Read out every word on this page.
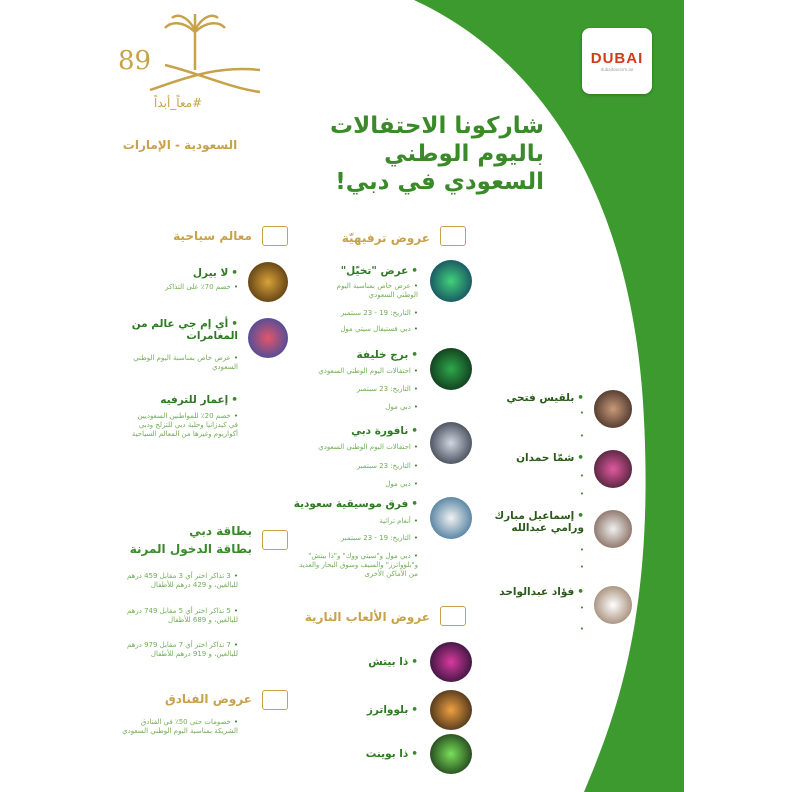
DUBAI
dubaitourism.ae
89
#معاً_أبداً
السعودية - الإمارات
شاركونا الاحتفالات
باليوم الوطني
السعودي في دبي!
معالم سياحية
• لا بيرل
• خصم 70٪ على التذاكر
• أي إم جي عالم من المغامرات
• عرض خاص بمناسبة اليوم الوطني السعودي
• إعمار للترفيه
• خصم 20٪ للمواطنين السعوديين في كيدزانيا وحلبة دبي للتزلج ودبي أكواريوم وغيرها من المعالم السياحية
عروض ترفيهيّة
• عرض "تخيّل"
• عرض خاص بمناسبة اليوم الوطني السعودي
• التاريخ: 19 - 23 سبتمبر
• دبي فستيفال سيتي مول
• برج خليفة
• احتفالات اليوم الوطني السعودي
• التاريخ: 23 سبتمبر
• دبي مول
• نافورة دبي
• احتفالات اليوم الوطني السعودي
• التاريخ: 23 سبتمبر
• دبي مول
• فرق موسيقية سعودية
• أنغام تراثية
• التاريخ: 19 - 23 سبتمبر
• دبي مول و"سيتي ووك" و"ذا بيتش" و"بلوواترز" والسيف وسوق البحار والعديد من الأماكن الأخرى
عروض الألعاب النارية
• ذا بيتش
• بلوواترز
• ذا بوينت
حفلات غنائية مجانية
• بلقيس فتحي
• التاريخ: 19 سبتمبر
• سيتي ووك
• شمّا حمدان
• التاريخ: 20 سبتمبر
• لا مير
• إسماعيل مبارك ورامي عبدالله
• التاريخ: 22 سبتمبر
• دبي مول
• فؤاد عبدالواحد
• التاريخ: 23 سبتمبر
• دبي مول
بطاقة دبي
بطاقة الدخول المرنة
• 3 تذاكر اختر أي 3 مقابل 459 درهم للبالغين، و 429 درهم للأطفال
• 5 تذاكر اختر أي 5 مقابل 749 درهم للبالغين، و 689 للأطفال
• 7 تذاكر اختر أي 7 مقابل 979 درهم للبالغين، و 919 درهم للأطفال
عروض الفنادق
• خصومات حتى 50٪ في الفنادق الشريكة بمناسبة اليوم الوطني السعودي
